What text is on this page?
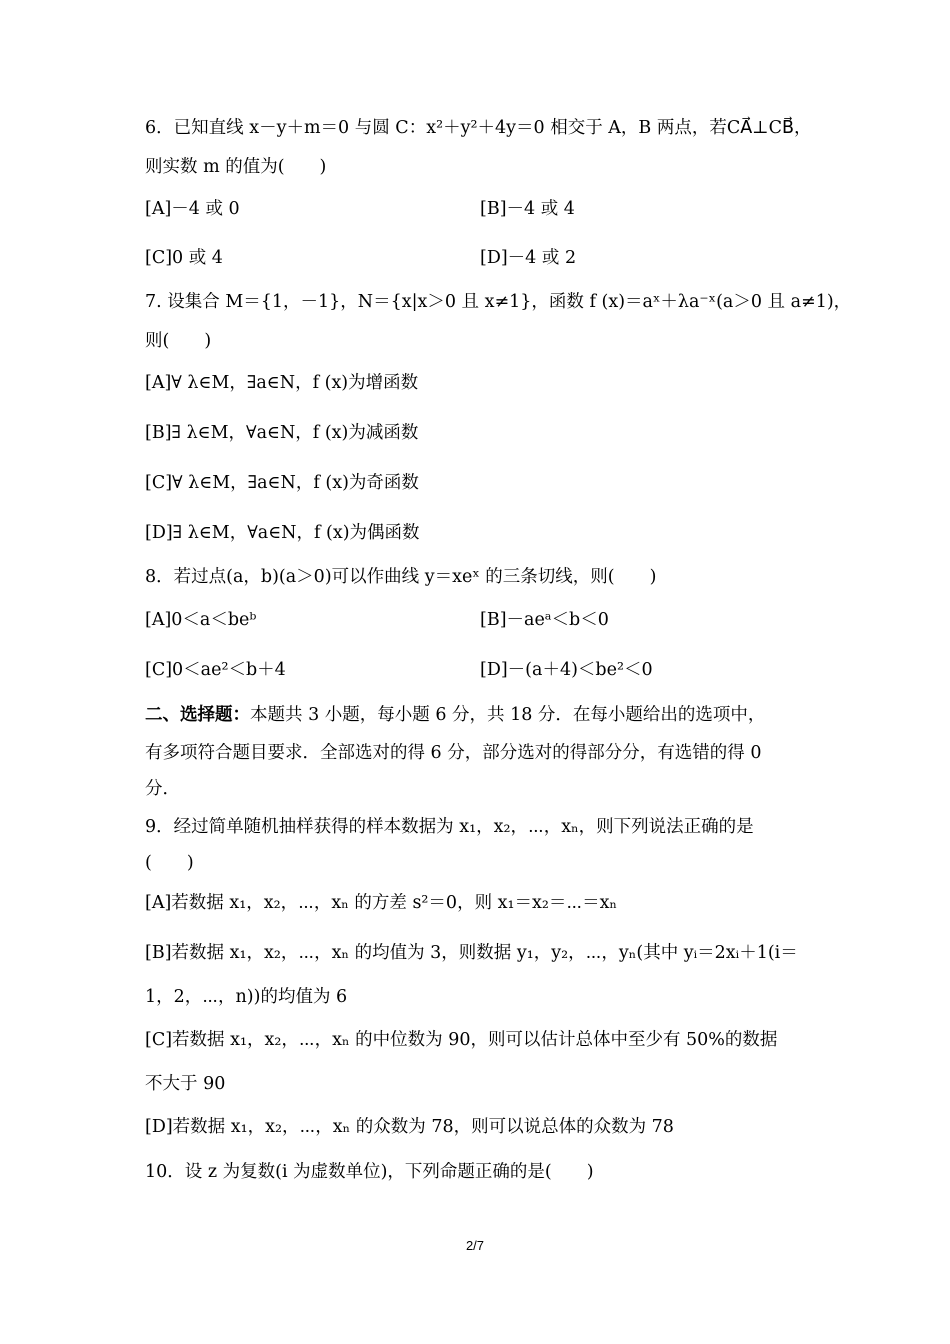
6．已知直线 x－y＋m＝0 与圆 C：x²＋y²＋4y＝0 相交于 A，B 两点，若CA⃗⊥CB⃗，
则实数 m 的值为(　　)
[A]－4 或 0	[B]－4 或 4
[C]0 或 4	[D]－4 或 2
7. 设集合 M＝{1，－1}，N＝{x|x＞0 且 x≠1}，函数 f (x)＝aˣ＋λa⁻ˣ(a＞0 且 a≠1)，
则(　　)
[A]∀ λ∈M，∃a∈N，f (x)为增函数
[B]∃ λ∈M，∀a∈N，f (x)为减函数
[C]∀ λ∈M，∃a∈N，f (x)为奇函数
[D]∃ λ∈M，∀a∈N，f (x)为偶函数
8．若过点(a，b)(a＞0)可以作曲线 y＝xeˣ 的三条切线，则(　　)
[A]0＜a＜beᵇ	[B]－aeᵃ＜b＜0
[C]0＜ae²＜b＋4	[D]－(a＋4)＜be²＜0
二、选择题：本题共 3 小题，每小题 6 分，共 18 分．在每小题给出的选项中，
有多项符合题目要求．全部选对的得 6 分，部分选对的得部分分，有选错的得 0
分．
9．经过简单随机抽样获得的样本数据为 x₁，x₂，⋯，xₙ，则下列说法正确的是
(　　)
[A]若数据 x₁，x₂，⋯，xₙ 的方差 s²＝0，则 x₁＝x₂＝⋯＝xₙ
[B]若数据 x₁，x₂，⋯，xₙ 的均值为 3，则数据 y₁，y₂，⋯，yₙ(其中 yᵢ＝2xᵢ＋1(i＝
1，2，⋯，n))的均值为 6
[C]若数据 x₁，x₂，⋯，xₙ 的中位数为 90，则可以估计总体中至少有 50%的数据
不大于 90
[D]若数据 x₁，x₂，⋯，xₙ 的众数为 78，则可以说总体的众数为 78
10．设 z 为复数(i 为虚数单位)，下列命题正确的是(　　)
2/7
